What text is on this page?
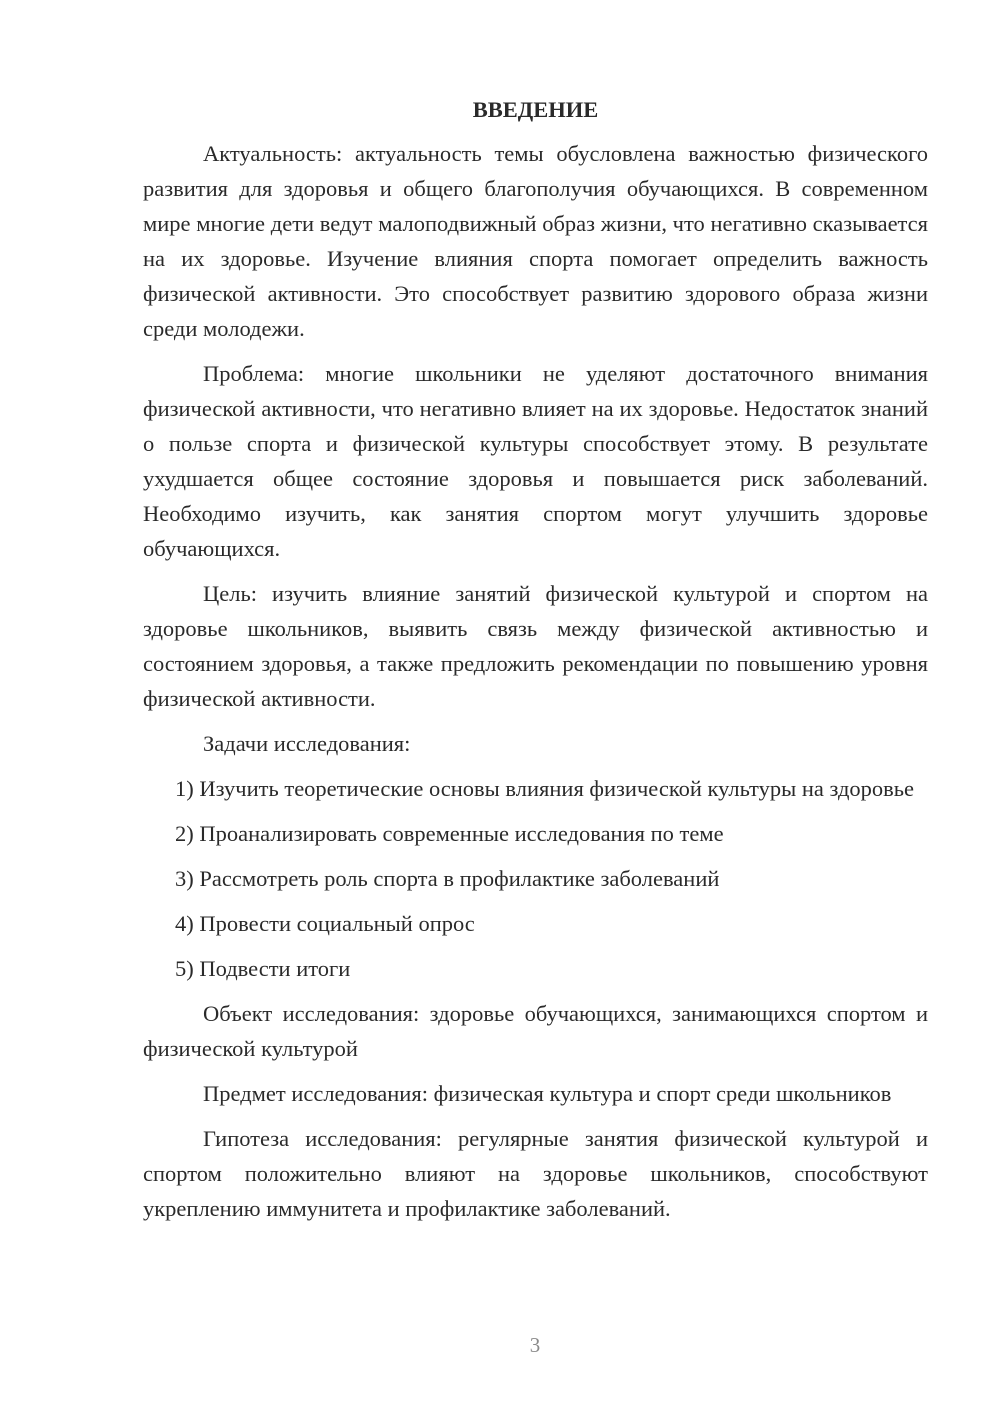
ВВЕДЕНИЕ

Актуальность: актуальность темы обусловлена важностью физического развития для здоровья и общего благополучия обучающихся. В современном мире многие дети ведут малоподвижный образ жизни, что негативно сказывается на их здоровье. Изучение влияния спорта помогает определить важность физической активности. Это способствует развитию здорового образа жизни среди молодежи.

Проблема: многие школьники не уделяют достаточного внимания физической активности, что негативно влияет на их здоровье. Недостаток знаний о пользе спорта и физической культуры способствует этому. В результате ухудшается общее состояние здоровья и повышается риск заболеваний. Необходимо изучить, как занятия спортом могут улучшить здоровье обучающихся.

Цель: изучить влияние занятий физической культурой и спортом на здоровье школьников, выявить связь между физической активностью и состоянием здоровья, а также предложить рекомендации по повышению уровня физической активности.

Задачи исследования:

1) Изучить теоретические основы влияния физической культуры на здоровье

2) Проанализировать современные исследования по теме

3) Рассмотреть роль спорта в профилактике заболеваний

4) Провести социальный опрос

5) Подвести итоги

Объект исследования: здоровье обучающихся, занимающихся спортом и физической культурой

Предмет исследования: физическая культура и спорт среди школьников

Гипотеза исследования: регулярные занятия физической культурой и спортом положительно влияют на здоровье школьников, способствуют укреплению иммунитета и профилактике заболеваний.

3
